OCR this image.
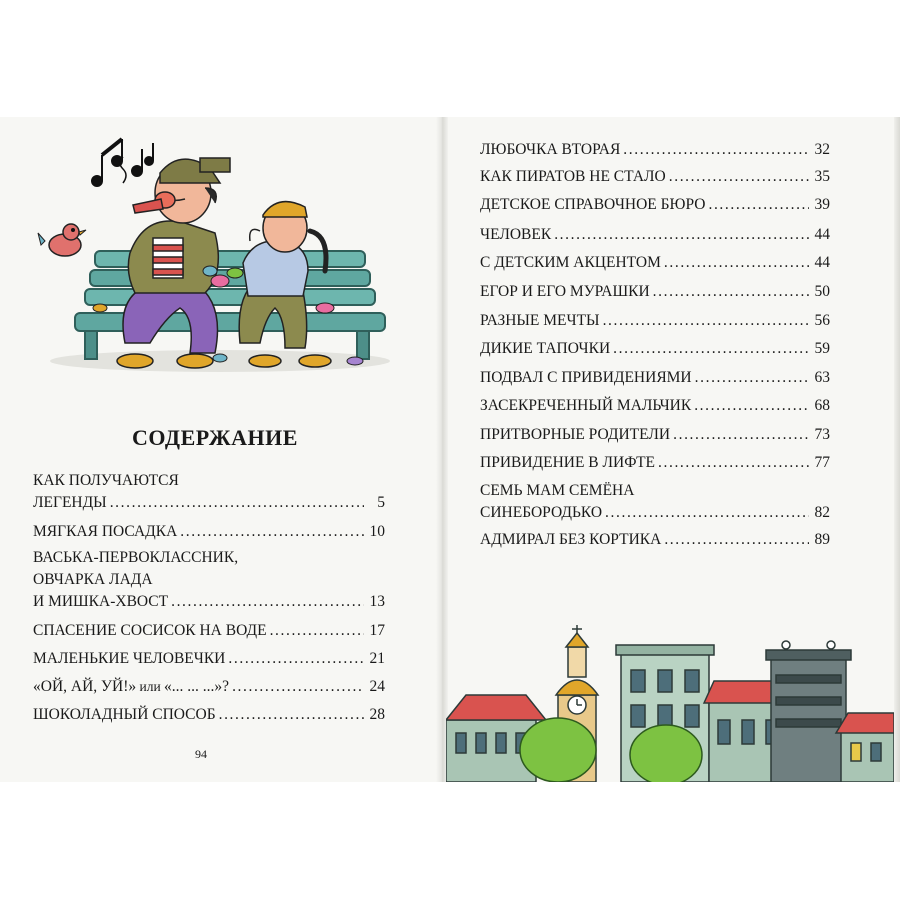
СОДЕРЖАНИЕ
КАК ПОЛУЧАЮТСЯ
ЛЕГЕНДЫ .....	5
МЯГКАЯ ПОСАДКА .....	10
ВАСЬКА-ПЕРВОКЛАССНИК,
ОВЧАРКА ЛАДА
И МИШКА-ХВОСТ .....	13
СПАСЕНИЕ СОСИСОК НА ВОДЕ .....	17
МАЛЕНЬКИЕ ЧЕЛОВЕЧКИ .....	21
«ОЙ, АЙ, УЙ!» или «... ... ...»? .....	24
ШОКОЛАДНЫЙ СПОСОБ .....	28
94
ЛЮБОЧКА ВТОРАЯ .....	32
КАК ПИРАТОВ НЕ СТАЛО .....	35
ДЕТСКОЕ СПРАВОЧНОЕ БЮРО .....	39
ЧЕЛОВЕК .....	44
С ДЕТСКИМ АКЦЕНТОМ .....	44
ЕГОР И ЕГО МУРАШКИ .....	50
РАЗНЫЕ МЕЧТЫ .....	56
ДИКИЕ ТАПОЧКИ .....	59
ПОДВАЛ С ПРИВИДЕНИЯМИ .....	63
ЗАСЕКРЕЧЕННЫЙ МАЛЬЧИК .....	68
ПРИТВОРНЫЕ РОДИТЕЛИ .....	73
ПРИВИДЕНИЕ В ЛИФТЕ .....	77
СЕМЬ МАМ СЕМЁНА
СИНЕБОРОДЬКО .....	82
АДМИРАЛ БЕЗ КОРТИКА .....	89
